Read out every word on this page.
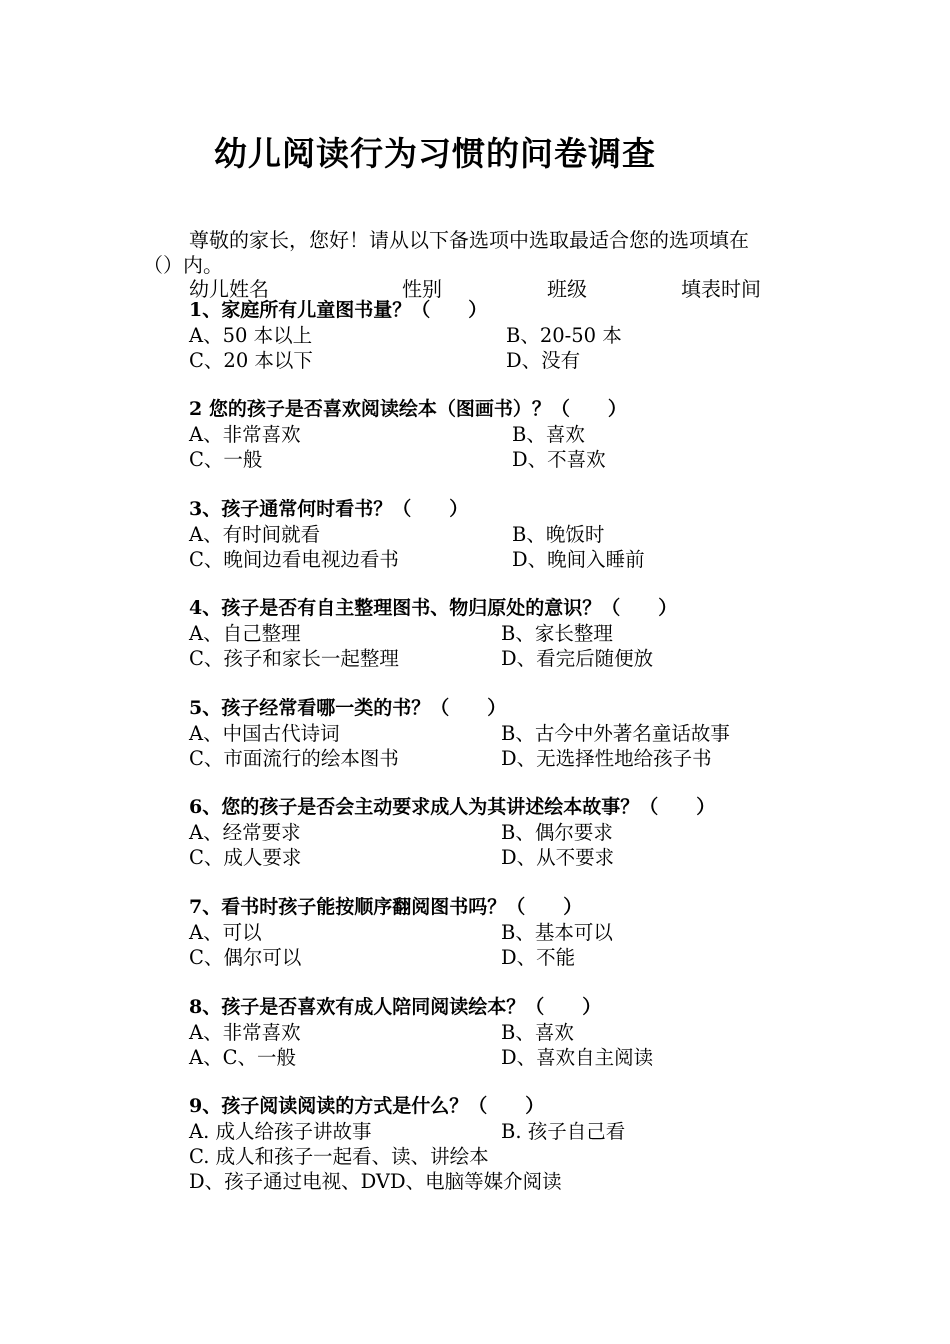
幼儿阅读行为习惯的问卷调查
尊敬的家长，您好！请从以下备选项中选取最适合您的选项填在
（）内。
幼儿姓名	性别	班级	填表时间
1、家庭所有儿童图书量？（　　）
A、50 本以上	B、20-50 本
C、20 本以下	D、没有
2 您的孩子是否喜欢阅读绘本（图画书）？（　　）
A、非常喜欢	B、喜欢
C、一般	D、不喜欢
3、孩子通常何时看书？（　　）
A、有时间就看	B、晚饭时
C、晚间边看电视边看书	D、晚间入睡前
4、孩子是否有自主整理图书、物归原处的意识？（　　）
A、自己整理	B、家长整理
C、孩子和家长一起整理	D、看完后随便放
5、孩子经常看哪一类的书？（　　）
A、中国古代诗词	B、古今中外著名童话故事
C、市面流行的绘本图书	D、无选择性地给孩子书
6、您的孩子是否会主动要求成人为其讲述绘本故事？（　　）
A、经常要求	B、偶尔要求
C、成人要求	D、从不要求
7、看书时孩子能按顺序翻阅图书吗？（　　）
A、可以	B、基本可以
C、偶尔可以	D、不能
8、孩子是否喜欢有成人陪同阅读绘本？（　　）
A、非常喜欢	B、喜欢
A、C、一般	D、喜欢自主阅读
9、孩子阅读阅读的方式是什么？（　　）
A. 成人给孩子讲故事	B. 孩子自己看
C. 成人和孩子一起看、读、讲绘本
D、孩子通过电视、DVD、电脑等媒介阅读
